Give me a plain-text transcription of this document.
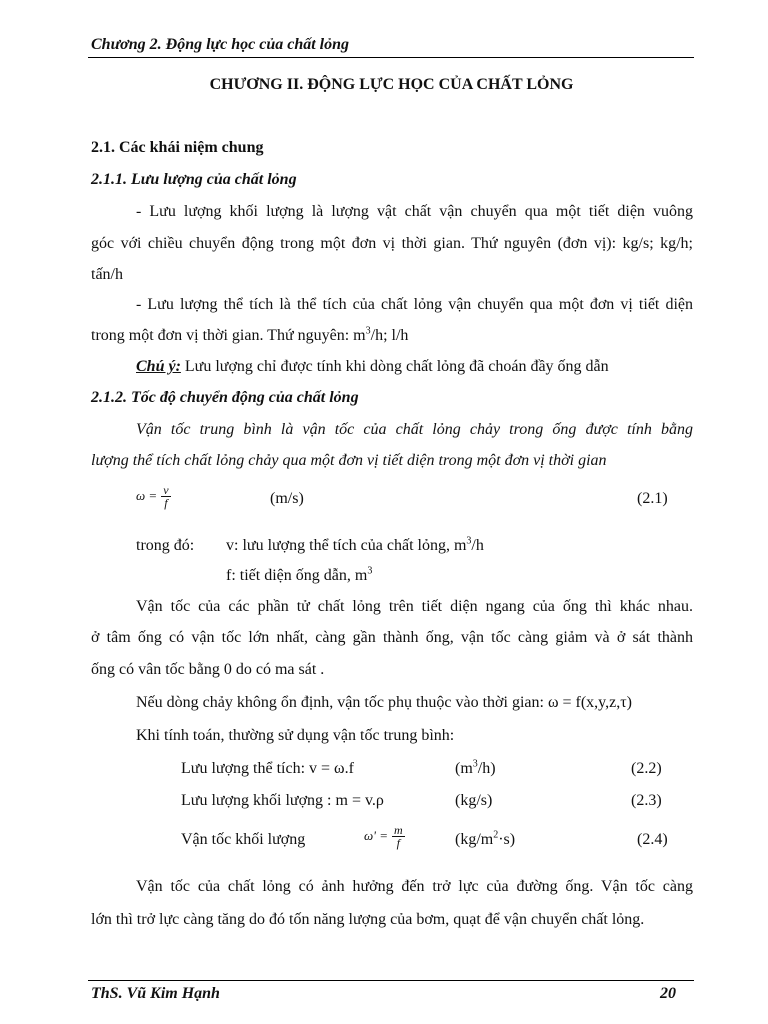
Chương 2. Động lực học của chất lỏng
CHƯƠNG II. ĐỘNG LỰC HỌC CỦA CHẤT LỎNG
2.1. Các khái niệm chung
2.1.1. Lưu lượng của chất lỏng
- Lưu lượng khối lượng là lượng vật chất vận chuyển qua một tiết diện vuông
góc với chiều chuyển động trong một đơn vị thời gian. Thứ nguyên (đơn vị): kg/s; kg/h;
tấn/h
- Lưu lượng thể tích là thể tích của chất lỏng vận chuyển qua một đơn vị tiết diện
trong một đơn vị thời gian. Thứ nguyên: $m^3/h$; l/h
Chú ý: Lưu lượng chỉ được tính khi dòng chất lỏng đã choán đầy ống dẫn
2.1.2. Tốc độ chuyển động của chất lỏng
Vận tốc trung bình là vận tốc của chất lỏng chảy trong ống được tính bằng
lượng thể tích chất lỏng chảy qua một đơn vị tiết diện trong một đơn vị thời gian
$\omega = \frac{v}{f}$	(m/s)	(2.1)
trong đó: v: lưu lượng thể tích của chất lỏng, $m^3/h$
f: tiết diện ống dẫn, $m^3$
Vận tốc của các phần tử chất lỏng trên tiết diện ngang của ống thì khác nhau.
ở tâm ống có vận tốc lớn nhất, càng gần thành ống, vận tốc càng giảm và ở sát thành
ống có vân tốc bằng 0 do có ma sát .
Nếu dòng chảy không ổn định, vận tốc phụ thuộc vào thời gian: ω = f(x,y,z,τ)
Khi tính toán, thường sử dụng vận tốc trung bình:
Lưu lượng thể tích: v = ω.f	$(m^3/h)$	(2.2)
Lưu lượng khối lượng : m = v.ρ	(kg/s)	(2.3)
Vận tốc khối lượng	$\omega' = \frac{m}{f}$	$(kg/m^2\cdot s)$	(2.4)
Vận tốc của chất lỏng có ảnh hưởng đến trở lực của đường ống. Vận tốc càng
lớn thì trở lực càng tăng do đó tốn năng lượng của bơm, quạt để vận chuyển chất lỏng.
ThS. Vũ Kim Hạnh	20
